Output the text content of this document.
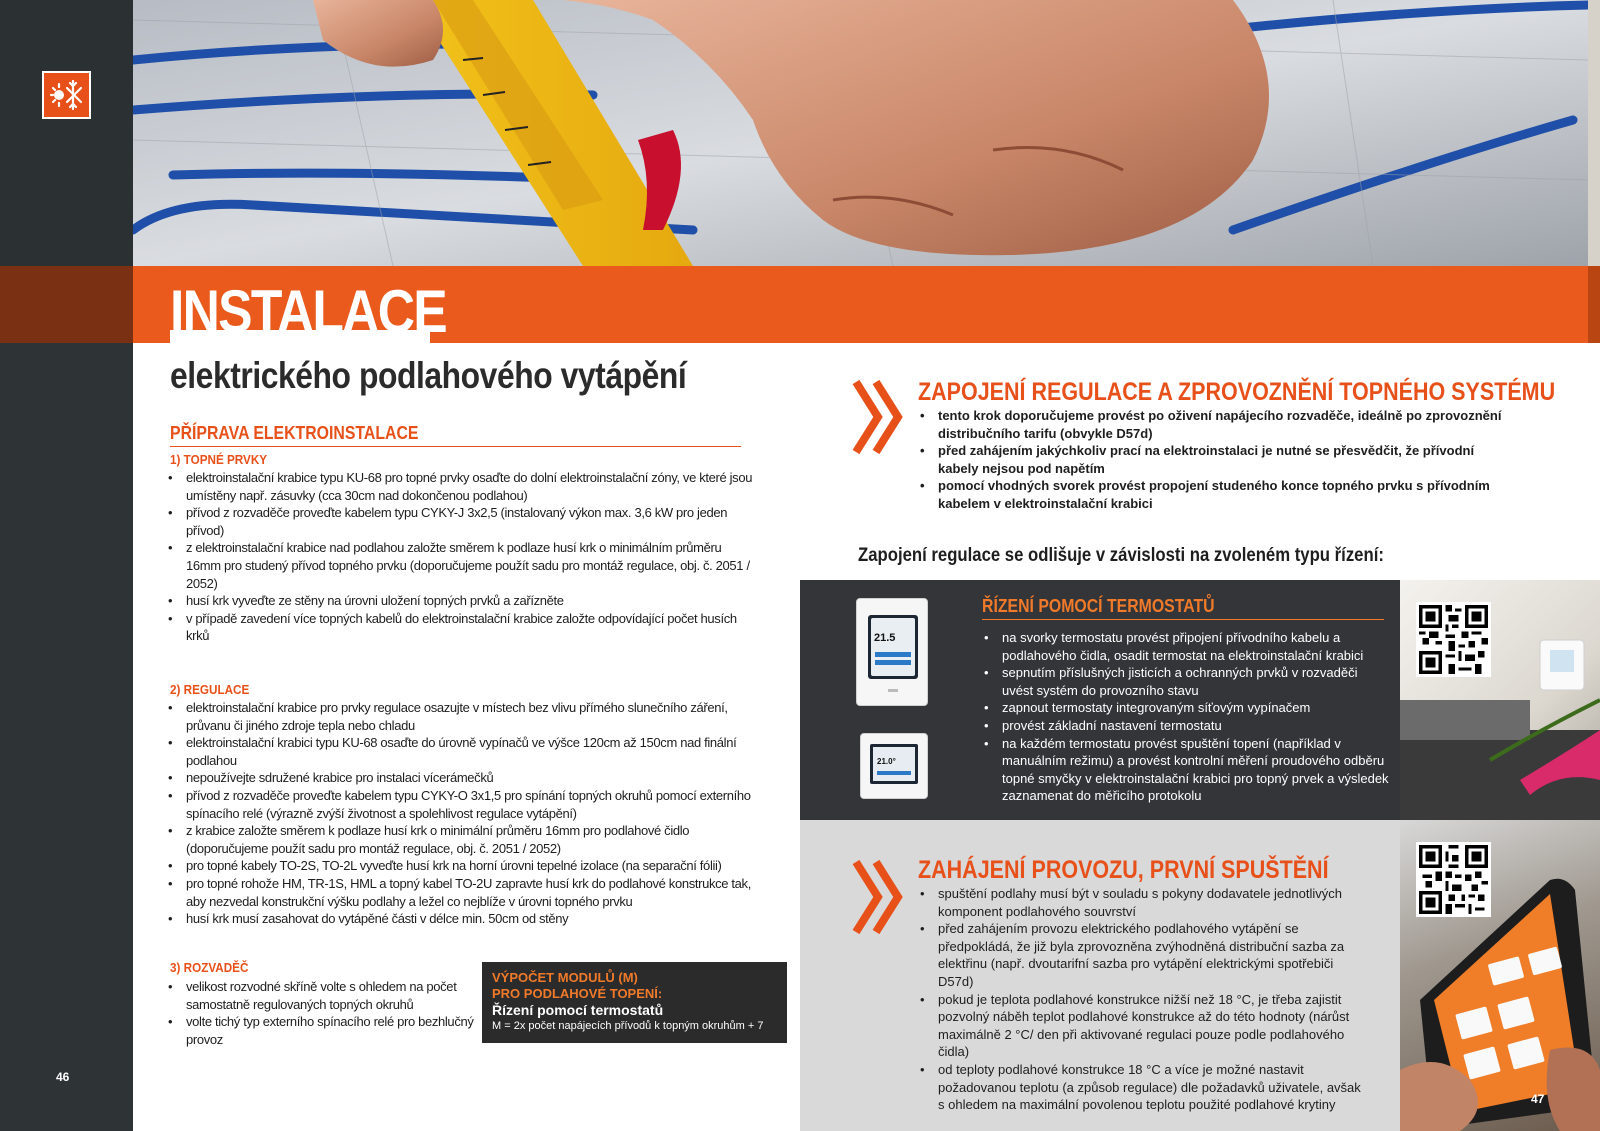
46
INSTALACE
elektrického podlahového vytápění
PŘÍPRAVA ELEKTROINSTALACE
1) TOPNÉ PRVKY
• elektroinstalační krabice typu KU-68 pro topné prvky osaďte do dolní elektroinstalační zóny, ve které jsou umístěny např. zásuvky (cca 30cm nad dokončenou podlahou)
• přívod z rozvaděče proveďte kabelem typu CYKY-J 3x2,5 (instalovaný výkon max. 3,6 kW pro jeden přívod)
• z elektroinstalační krabice nad podlahou založte směrem k podlaze husí krk o minimálním průměru 16mm pro studený přívod topného prvku (doporučujeme použít sadu pro montáž regulace, obj. č. 2051 / 2052)
• husí krk vyveďte ze stěny na úrovni uložení topných prvků a zařízněte
• v případě zavedení více topných kabelů do elektroinstalační krabice založte odpovídající počet husích krků
2) REGULACE
• elektroinstalační krabice pro prvky regulace osazujte v místech bez vlivu přímého slunečního záření, průvanu či jiného zdroje tepla nebo chladu
• elektroinstalační krabici typu KU-68 osaďte do úrovně vypínačů ve výšce 120cm až 150cm nad finální podlahou
• nepoužívejte sdružené krabice pro instalaci vícerámečků
• přívod z rozvaděče proveďte kabelem typu CYKY-O 3x1,5 pro spínání topných okruhů pomocí externího spínacího relé (výrazně zvýší životnost a spolehlivost regulace vytápění)
• z krabice založte směrem k podlaze husí krk o minimální průměru 16mm pro podlahové čidlo (doporučujeme použít sadu pro montáž regulace, obj. č. 2051 / 2052)
• pro topné kabely TO-2S, TO-2L vyveďte husí krk na horní úrovni tepelné izolace (na separační fólii)
• pro topné rohože HM, TR-1S, HML a topný kabel TO-2U zapravte husí krk do podlahové konstrukce tak, aby nezvedal konstrukční výšku podlahy a ležel co nejblíže v úrovni topného prvku
• husí krk musí zasahovat do vytápěné části v délce min. 50cm od stěny
3) ROZVADĚČ
• velikost rozvodné skříně volte s ohledem na počet samostatně regulovaných topných okruhů
• volte tichý typ externího spínacího relé pro bezhlučný provoz
VÝPOČET MODULŮ (M)
PRO PODLAHOVÉ TOPENÍ:
Řízení pomocí termostatů
M = 2x počet napájecích přívodů k topným okruhům + 7
ZAPOJENÍ REGULACE A ZPROVOZNĚNÍ TOPNÉHO SYSTÉMU
• tento krok doporučujeme provést po oživení napájecího rozvaděče, ideálně po zprovoznění distribučního tarifu (obvykle D57d)
• před zahájením jakýchkoliv prací na elektroinstalaci je nutné se přesvědčit, že přívodní kabely nejsou pod napětím
• pomocí vhodných svorek provést propojení studeného konce topného prvku s přívodním kabelem v elektroinstalační krabici
Zapojení regulace se odlišuje v závislosti na zvoleném typu řízení:
21.5
21.0°
ŘÍZENÍ POMOCÍ TERMOSTATŮ
• na svorky termostatu provést připojení přívodního kabelu a podlahového čidla, osadit termostat na elektroinstalační krabici
• sepnutím příslušných jisticích a ochranných prvků v rozvaděči uvést systém do provozního stavu
• zapnout termostaty integrovaným síťovým vypínačem
• provést základní nastavení termostatu
• na každém termostatu provést spuštění topení (například v manuálním režimu) a provést kontrolní měření proudového odběru topné smyčky v elektroinstalační krabici pro topný prvek a výsledek zaznamenat do měřicího protokolu
ZAHÁJENÍ PROVOZU, PRVNÍ SPUŠTĚNÍ
• spuštění podlahy musí být v souladu s pokyny dodavatele jednotlivých komponent podlahového souvrství
• před zahájením provozu elektrického podlahového vytápění se předpokládá, že již byla zprovozněna zvýhodněná distribuční sazba za elektřinu (např. dvoutarifní sazba pro vytápění elektrickými spotřebiči D57d)
• pokud je teplota podlahové konstrukce nižší než 18 °C, je třeba zajistit pozvolný náběh teplot podlahové konstrukce až do této hodnoty (nárůst maximálně 2 °C/ den při aktivované regulaci pouze podle podlahového čidla)
• od teploty podlahové konstrukce 18 °C a více je možné nastavit požadovanou teplotu (a způsob regulace) dle požadavků uživatele, avšak s ohledem na maximální povolenou teplotu použité podlahové krytiny	47
